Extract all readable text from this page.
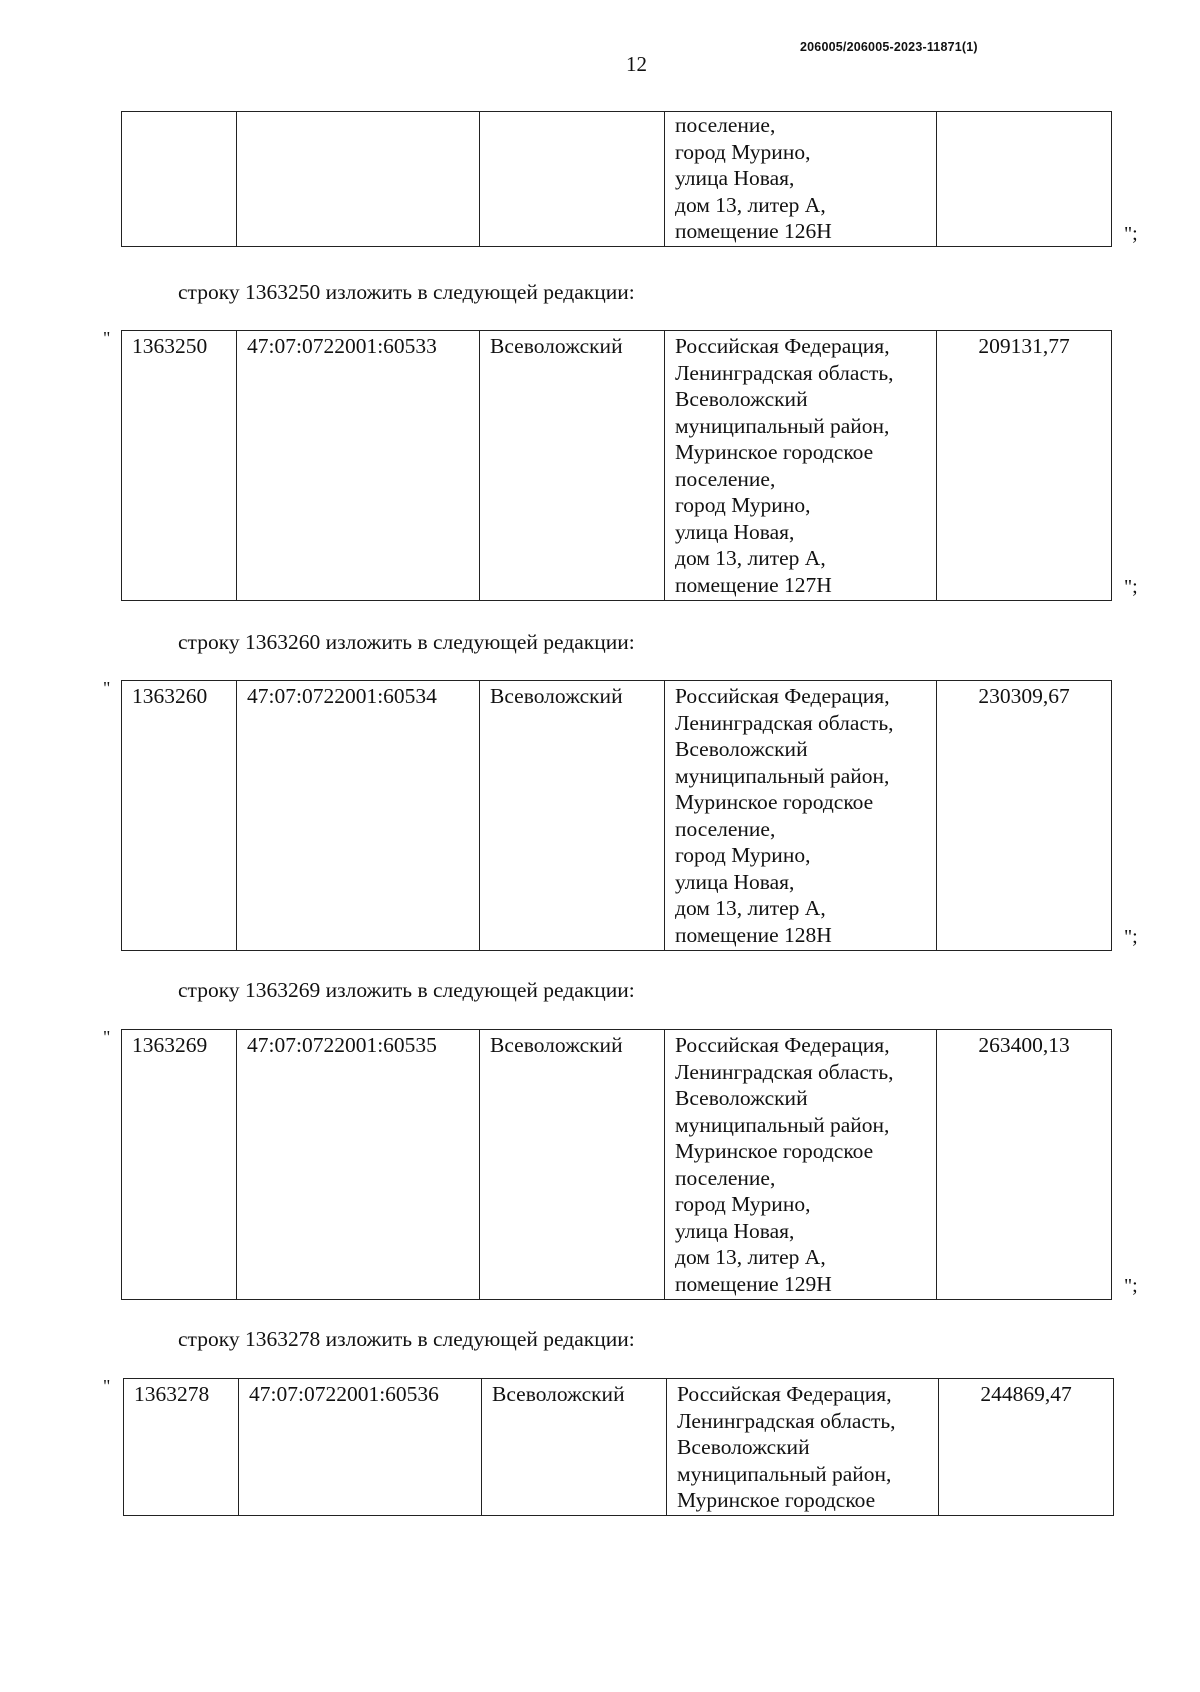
12
206005/206005-2023-11871(1)

поселение,
город Мурино,
улица Новая,
дом 13, литер А,
помещение 126Н
		";
строку 1363250 изложить в следующей редакции:
" 1363250	47:07:0722001:60533	Всеволожский	Российская Федерация,
Ленинградская область,
Всеволожский
муниципальный район,
Муринское городское
поселение,
город Мурино,
улица Новая,
дом 13, литер А,
помещение 127Н
	209131,77
";
строку 1363260 изложить в следующей редакции:
" 1363260	47:07:0722001:60534	Всеволожский	Российская Федерация,
Ленинградская область,
Всеволожский
муниципальный район,
Муринское городское
поселение,
город Мурино,
улица Новая,
дом 13, литер А,
помещение 128Н
	230309,67
";
строку 1363269 изложить в следующей редакции:
" 1363269	47:07:0722001:60535	Всеволожский	Российская Федерация,
Ленинградская область,
Всеволожский
муниципальный район,
Муринское городское
поселение,
город Мурино,
улица Новая,
дом 13, литер А,
помещение 129Н
	263400,13
";
строку 1363278 изложить в следующей редакции:
" 1363278	47:07:0722001:60536	Всеволожский	Российская Федерация,
Ленинградская область,
Всеволожский
муниципальный район,
Муринское городское
	244869,47
